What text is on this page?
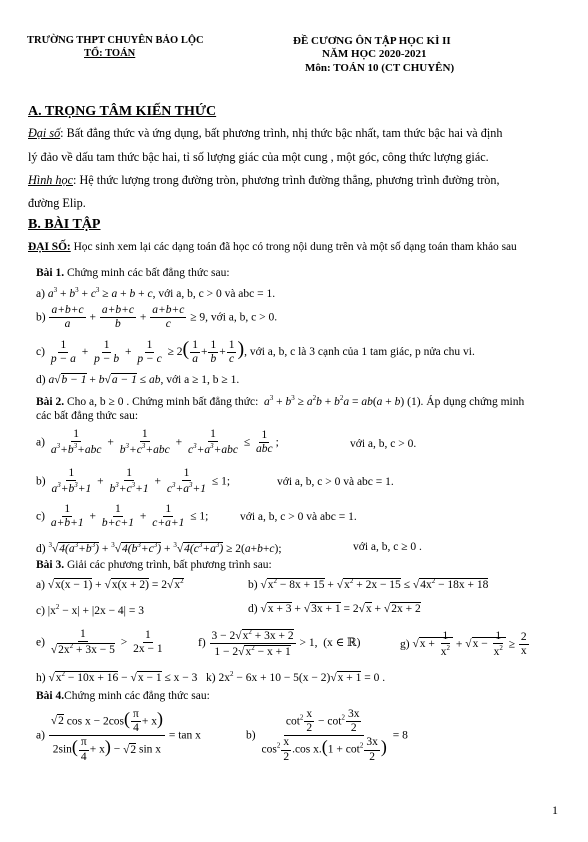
TRƯỜNG THPT CHUYÊN BẢO LỘC
TỔ: TOÁN
ĐỀ CƯƠNG ÔN TẬP HỌC KÌ II
NĂM HỌC 2020-2021
Môn: TOÁN 10 (CT CHUYÊN)
A. TRỌNG TÂM KIẾN THỨC
Đại số: Bất đẳng thức và ứng dụng, bất phương trình, nhị thức bậc nhất, tam thức bậc hai và định
lý đảo về dấu tam thức bậc hai, tỉ số lượng giác của một cung , một góc, công thức lượng giác.
Hình học: Hệ thức lượng trong đường tròn, phương trình đường thẳng, phương trình đường tròn,
đường Elip.
B. BÀI TẬP
ĐẠI SỐ: Học sinh xem lại các dạng toán đã học có trong nội dung trên và một số dạng toán tham khảo sau
Bài 1. Chứng minh các bất đẳng thức sau:
a) $a^3 + b^3 + c^3 \ge a + b + c$, với a, b, c > 0 và abc = 1.
$b) \frac{a+b+c}{a} + \frac{a+b+c}{b} + \frac{a+b+c}{c} \ge 9$, với a, b, c > 0.
$c) \frac{1}{p - a} + \frac{1}{p - b} + \frac{1}{p - c} \ge 2( \frac{1}{a} + \frac{1}{b} + \frac{1}{c}$ ), với a, b, c là 3 cạnh của 1 tam giác, p nửa chu vi.
d) a √ b − 1 + b √ a − 1 ≤ ab, với a ≥ 1, b ≥ 1.
Bài 2. Cho a, b ≥ 0 . Chứng minh bất đẳng thức: $a^3 + b^3 \ge a^2b + b^2a = ab(a + b)$ (1). Áp dụng chứng minh
các bất đẳng thức sau:
a)
1
$a^3+b^3+abc$
+
1
$b^3+c^3+abc$
+
1
$c^3+a^3+abc$
≤
1
abc
;	với a, b, c > 0.
$b) \frac{1}{a^3+b^3+1} + \frac{1}{b^3+c^3+1} + \frac{1}{c^3+a^3+1} \le 1$;	với a, b, c > 0 và abc = 1.
$c) \frac{1}{a+b+1} + \frac{1}{b+c+1} + \frac{1}{c+a+1} \le 1$;	với a, b, c > 0 và abc = 1.
d) $^3$ √ $4(a^3+b^3) + ^3$ √ $4(b^3+c^3) + ^3$ √ $4(c^3+a^3) \ge 2(a+b+c)$;	với a, b, c ≥ 0 .
Bài 3. Giải các phương trình, bất phương trình sau:
a) √ x(x − 1) + √ x(x + 2) = 2 √ $x^2$	b) √ $x^2 - 8x + 15$ + √ $x^2 + 2x - 15$ ≤ √ $4x^2 - 18x + 18$
c) $|x^2 - x| + |2x - 4| = 3$	d) √ x + 3 + √ 3x + 1 = 2 √ x + √ 2x + 2
e) 1
√ $2x^2 + 3x - 5 > \frac{1}{2x - 1}$	$f) \frac{3 - 2 √ x^2 + 3x + 2}{1 - 2 √ x^2 - x + 1} > 1$,  (x ∈ ℝ)	g) √ $x + \frac{1}{x^2}$ + √ $x - \frac{1}{x^2} \ge \frac{2}{x}$
h) √ $x^2 - 10x + 16$ − √ x − 1 ≤ x − 3   k) $2x^2 - 6x + 10 - 5(x - 2)$ √ x + 1 = 0 .
Bài 4.Chứng minh các đẳng thức sau:
a) √ $\frac{2 \cos x - 2\cos( \frac{\pi}{4} + x)}{2\sin( \frac{\pi}{4} + x) - √ 2 \sin x} = \tan x$	$b) \frac{\cot^2 \frac{x}{2} - \cot^2 \frac{3x}{2}}{\cos^2 \frac{x}{2} .\cos x.(1 + \cot^2 \frac{3x}{2} )} = 8$
1
